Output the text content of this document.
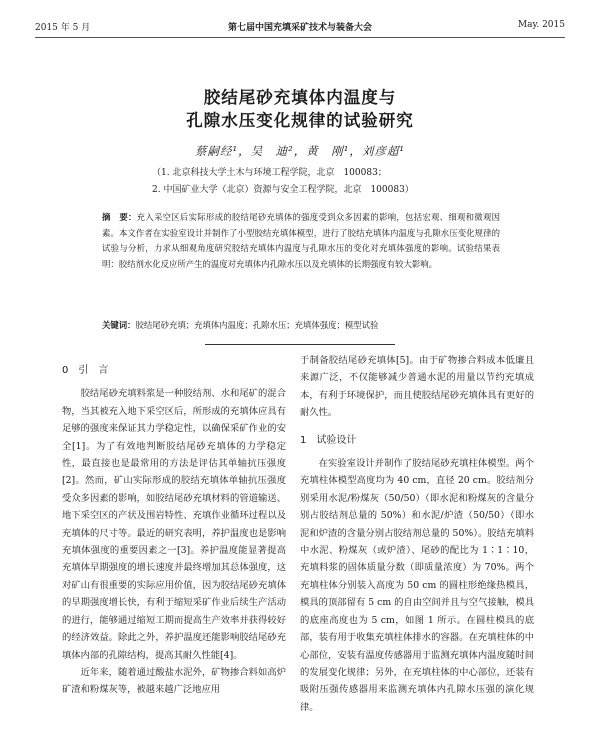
2015 年 5 月	第七届中国充填采矿技术与装备大会	May. 2015
胶结尾砂充填体内温度与
孔隙水压变化规律的试验研究
蔡嗣经¹，吴　迪²，黄　刚¹，刘彦超¹
（1. 北京科技大学土木与环境工程学院，北京　100083；
2. 中国矿业大学（北京）资源与安全工程学院，北京　100083）
摘　要：充入采空区后实际形成的胶结尾砂充填体的强度受到众多因素的影响，包括宏观、细观和微观因素。本文作者在实验室设计并制作了小型胶结充填体模型，进行了胶结充填体内温度与孔隙水压变化规律的试验与分析，力求从细观角度研究胶结充填体内温度与孔隙水压的变化对充填体强度的影响。试验结果表明：胶结剂水化反应所产生的温度对充填体内孔隙水压以及充填体的长期强度有较大影响。
关键词：胶结尾砂充填；充填体内温度；孔隙水压；充填体强度；模型试验

0　引　言

胶结尾砂充填料浆是一种胶结剂、水和尾矿的混合物，当其被充入地下采空区后，所形成的充填体应具有足够的强度来保证其力学稳定性，以确保采矿作业的安全[1]。为了有效地判断胶结尾砂充填体的力学稳定性，最直接也是最常用的方法是评估其单轴抗压强度[2]。然而，矿山实际形成的胶结充填体单轴抗压强度受众多因素的影响，如胶结尾砂充填材料的管道输送、地下采空区的产状及围岩特性、充填作业循环过程以及充填体的尺寸等。最近的研究表明，养护温度也是影响充填体强度的重要因素之一[3]。养护温度能显著提高充填体早期强度的增长速度并最终增加其总体强度，这对矿山有很重要的实际应用价值，因为胶结尾砂充填体的早期强度增长快，有利于缩短采矿作业后续生产活动的进行，能够通过缩短工期而提高生产效率并获得较好的经济效益。除此之外，养护温度还能影响胶结尾砂充填体内部的孔隙结构，提高其耐久性能[4]。

近年来，随着通过酸盐水泥外，矿物掺合料如高炉矿渣和粉煤灰等，被越来越广泛地应用

于制备胶结尾砂充填体[5]。由于矿物掺合料成本低廉且来源广泛，不仅能够减少普通水泥的用量以节约充填成本，有利于环境保护，而且使胶结尾砂充填体具有更好的耐久性。

1　试验设计

在实验室设计并制作了胶结尾砂充填柱体模型。两个充填柱体模型高度均为 40 cm，直径 20 cm。胶结剂分别采用水泥/粉煤灰（50/50）（即水泥和粉煤灰的含量分别占胶结剂总量的 50%）和水泥/炉渣（50/50）（即水泥和炉渣的含量分别占胶结剂总量的 50%）。胶结充填料中水泥、粉煤灰（或炉渣）、尾砂的配比为 1∶1∶10，充填料浆的固体质量分数（即质量浓度）为 70%。两个充填柱体分别装入高度为 50 cm 的圆柱形绝缘热模具，模具的顶部留有 5 cm 的自由空间并且与空气接触，模具的底座高度也为 5 cm，如图 1 所示。在圆柱模具的底部，装有用于收集充填柱体排水的容器。在充填柱体的中心部位，安装有温度传感器用于监测充填体内温度随时间的发展变化规律；另外，在充填柱体的中心部位，还装有吸附压强传感器用来监测充填体内孔隙水压强的演化规律。
